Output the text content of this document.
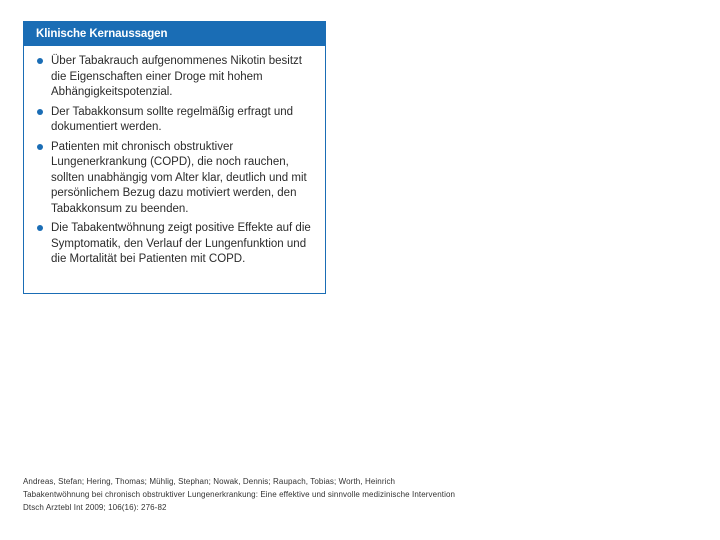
Klinische Kernaussagen
Über Tabakrauch aufgenommenes Nikotin besitzt die Eigenschaften einer Droge mit hohem Abhängigkeitspotenzial.
Der Tabakkonsum sollte regelmäßig erfragt und dokumentiert werden.
Patienten mit chronisch obstruktiver Lungenerkrankung (COPD), die noch rauchen, sollten unabhängig vom Alter klar, deutlich und mit persönlichem Bezug dazu motiviert werden, den Tabakkonsum zu beenden.
Die Tabakentwöhnung zeigt positive Effekte auf die Symptomatik, den Verlauf der Lungenfunktion und die Mortalität bei Patienten mit COPD.
Andreas, Stefan; Hering, Thomas; Mühlig, Stephan; Nowak, Dennis; Raupach, Tobias; Worth, Heinrich
Tabakentwöhnung bei chronisch obstruktiver Lungenerkrankung: Eine effektive und sinnvolle medizinische Intervention
Dtsch Arztebl Int 2009; 106(16): 276-82
